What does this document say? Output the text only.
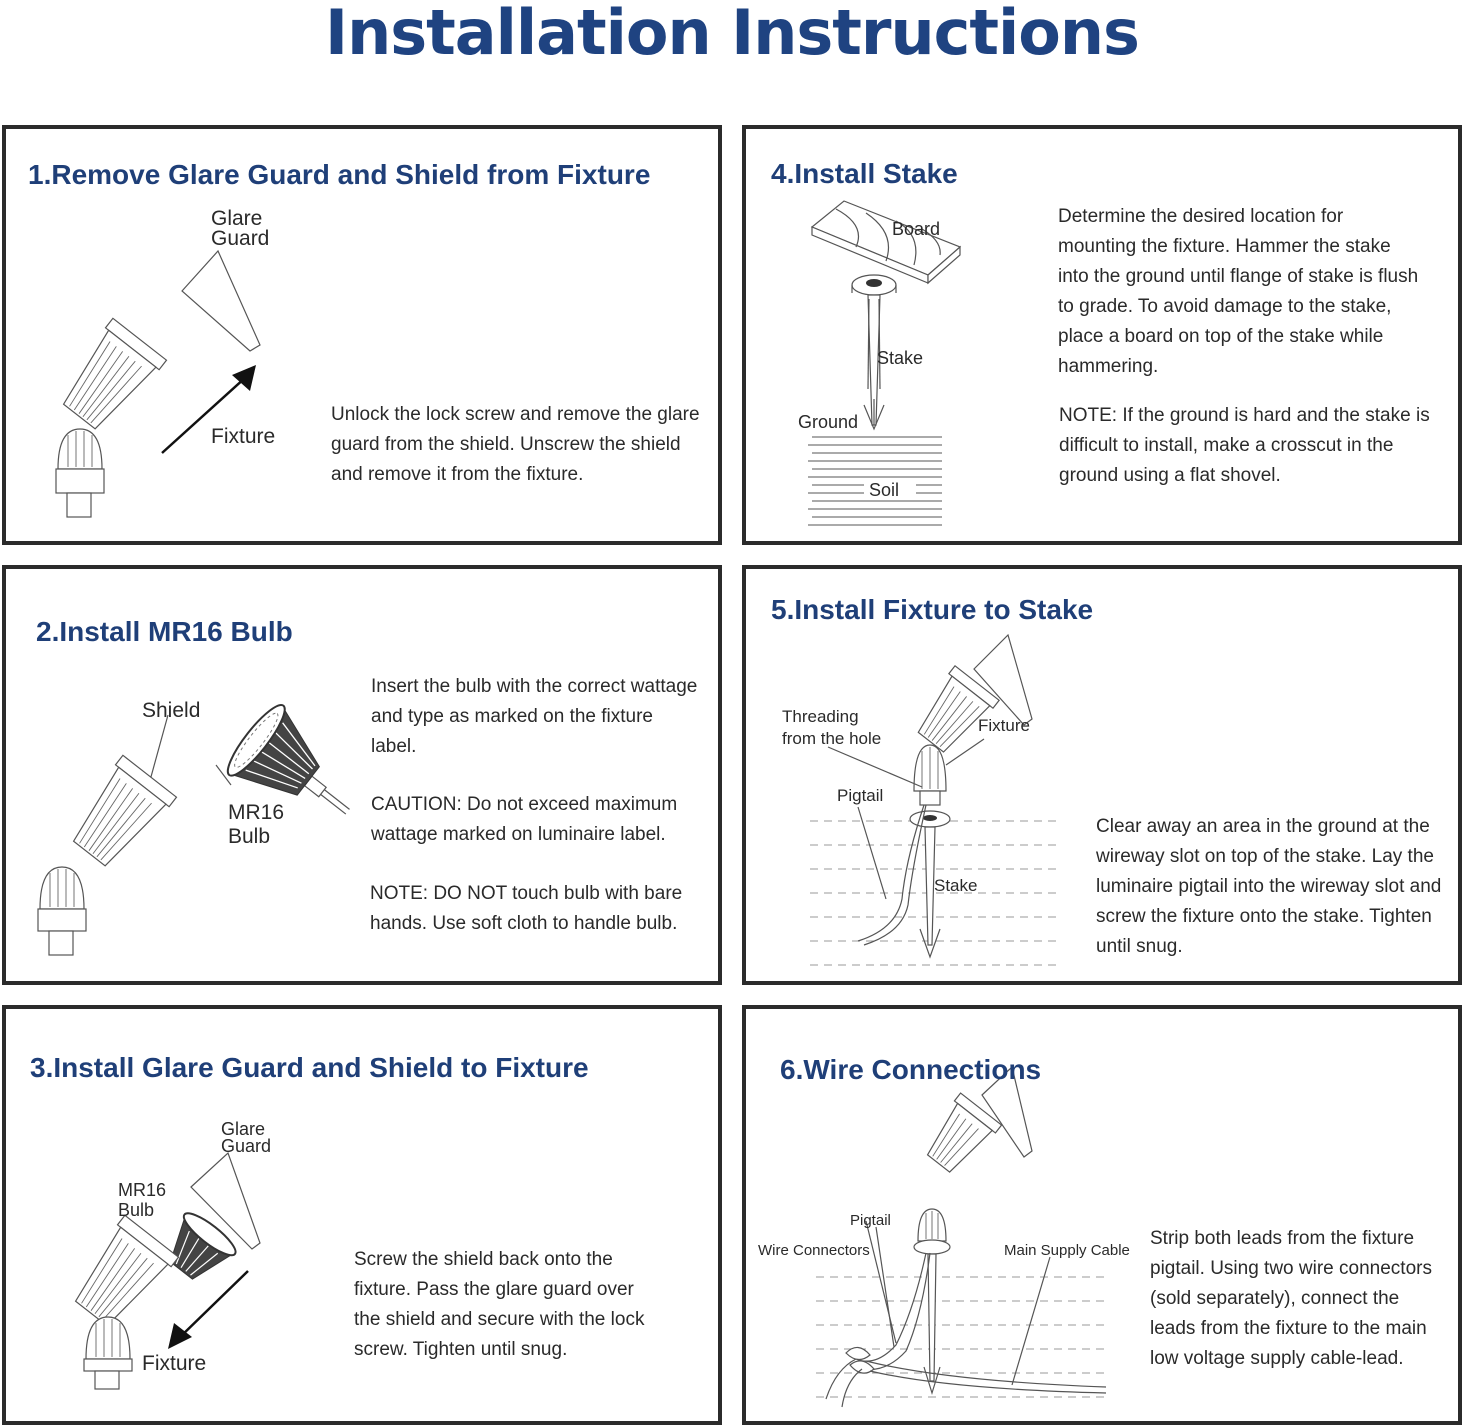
Installation Instructions
1.Remove Glare Guard and Shield from Fixture

Glare

Guard

Fixture

Unlock the lock screw and remove the glare guard from the shield. Unscrew the shield and remove it from the fixture.

2.Install MR16 Bulb

Shield

MR16

Bulb

Insert the bulb with the correct wattage and type as marked on the fixture label.

CAUTION: Do not exceed maximum wattage marked on luminaire label.

NOTE: DO NOT touch bulb with bare hands. Use soft cloth to handle bulb.

3.Install Glare Guard and Shield to Fixture

Glare

Guard

MR16

Bulb

Fixture

Screw the shield back onto the fixture. Pass the glare guard over the shield and secure with the lock screw. Tighten until snug.

4.Install Stake

Board

Stake

Ground

Soil

Determine the desired location for mounting the fixture. Hammer the stake into the ground until flange of stake is flush to grade. To avoid damage to the stake, place a board on top of the stake while hammering.

NOTE: If the ground is hard and the stake is difficult to install, make a crosscut in the ground using a flat shovel.

5.Install Fixture to Stake

Threading

from the hole

Fixture

Pigtail

Stake

Clear away an area in the ground at the wireway slot on top of the stake. Lay the luminaire pigtail into the wireway slot and screw the fixture onto the stake. Tighten until snug.

6.Wire Connections

Pigtail

Wire Connectors	Main Supply Cable

Strip both leads from the fixture pigtail. Using two wire connectors (sold separately), connect the leads from the fixture to the main low voltage supply cable-lead.
